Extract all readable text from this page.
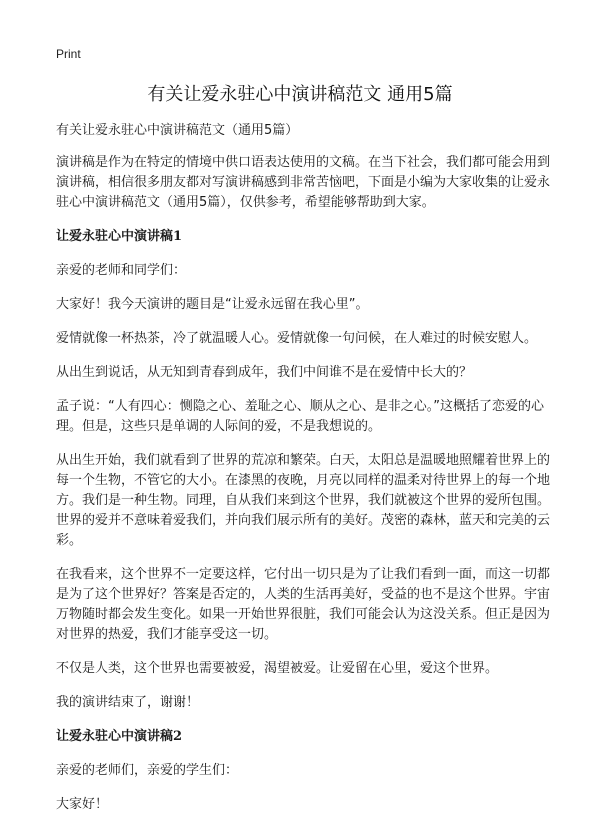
Print
有关让爱永驻心中演讲稿范文 通用5篇

有关让爱永驻心中演讲稿范文（通用5篇）

演讲稿是作为在特定的情境中供口语表达使用的文稿。在当下社会，我们都可能会用到演讲稿，相信很多朋友都对写演讲稿感到非常苦恼吧，下面是小编为大家收集的让爱永驻心中演讲稿范文（通用5篇），仅供参考，希望能够帮助到大家。

让爱永驻心中演讲稿1

亲爱的老师和同学们：

大家好！我今天演讲的题目是“让爱永远留在我心里”。

爱情就像一杯热茶，冷了就温暖人心。爱情就像一句问候，在人难过的时候安慰人。

从出生到说话，从无知到青春到成年，我们中间谁不是在爱情中长大的？

孟子说：“人有四心：恻隐之心、羞耻之心、顺从之心、是非之心。”这概括了恋爱的心理。但是，这些只是单调的人际间的爱，不是我想说的。

从出生开始，我们就看到了世界的荒凉和繁荣。白天，太阳总是温暖地照耀着世界上的每一个生物，不管它的大小。在漆黑的夜晚，月亮以同样的温柔对待世界上的每一个地方。我们是一种生物。同理，自从我们来到这个世界，我们就被这个世界的爱所包围。世界的爱并不意味着爱我们，并向我们展示所有的美好。茂密的森林，蓝天和完美的云彩。

在我看来，这个世界不一定要这样，它付出一切只是为了让我们看到一面，而这一切都是为了这个世界好？答案是否定的，人类的生活再美好，受益的也不是这个世界。宇宙万物随时都会发生变化。如果一开始世界很脏，我们可能会认为这没关系。但正是因为对世界的热爱，我们才能享受这一切。

不仅是人类，这个世界也需要被爱，渴望被爱。让爱留在心里，爱这个世界。

我的演讲结束了，谢谢！

让爱永驻心中演讲稿2

亲爱的老师们，亲爱的学生们：

大家好！
